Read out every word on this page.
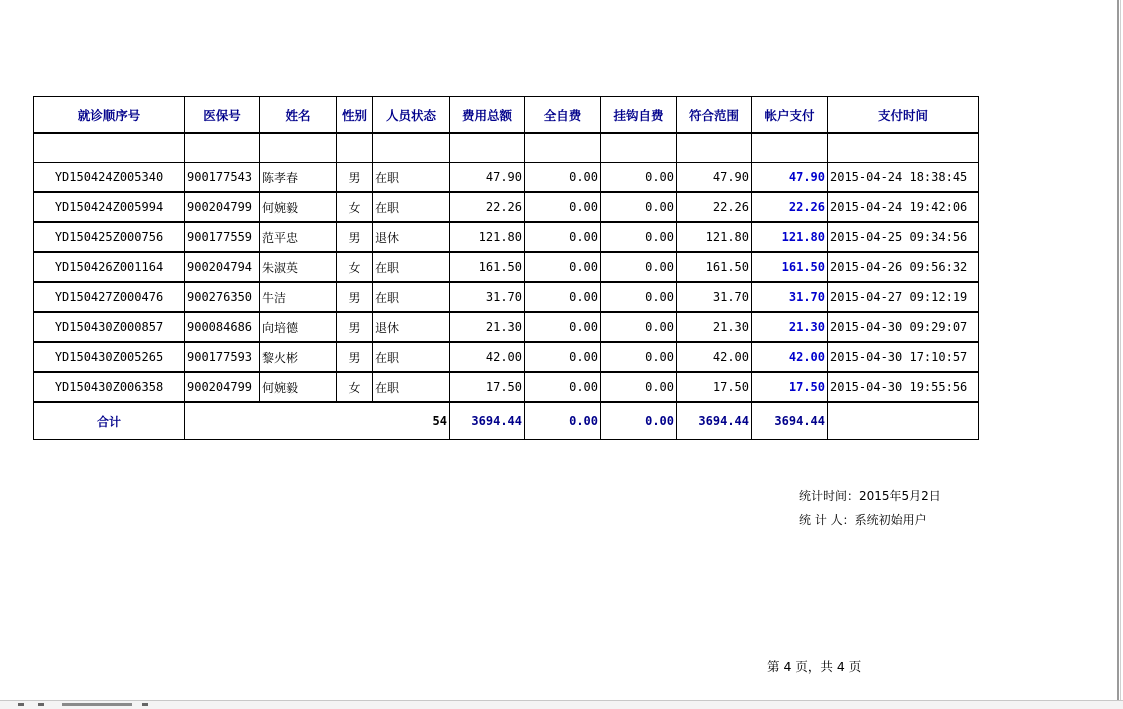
就诊顺序号	医保号	姓名	性别	人员状态	费用总额	全自费	挂钩自费	符合范围	帐户支付	支付时间

YD150424Z005340	900177543	陈孝春	男	在职	47.90	0.00	0.00	47.90	47.90	2015-04-24 18:38:45
YD150424Z005994	900204799	何婉毅	女	在职	22.26	0.00	0.00	22.26	22.26	2015-04-24 19:42:06
YD150425Z000756	900177559	范平忠	男	退休	121.80	0.00	0.00	121.80	121.80	2015-04-25 09:34:56
YD150426Z001164	900204794	朱淑英	女	在职	161.50	0.00	0.00	161.50	161.50	2015-04-26 09:56:32
YD150427Z000476	900276350	牛洁	男	在职	31.70	0.00	0.00	31.70	31.70	2015-04-27 09:12:19
YD150430Z000857	900084686	向培德	男	退休	21.30	0.00	0.00	21.30	21.30	2015-04-30 09:29:07
YD150430Z005265	900177593	黎火彬	男	在职	42.00	0.00	0.00	42.00	42.00	2015-04-30 17:10:57
YD150430Z006358	900204799	何婉毅	女	在职	17.50	0.00	0.00	17.50	17.50	2015-04-30 19:55:56
合计	54				3694.44	0.00	0.00	3694.44	3694.44	
统计时间：2015年5月2日
统 计 人：系统初始用户
第 4 页，共 4 页
